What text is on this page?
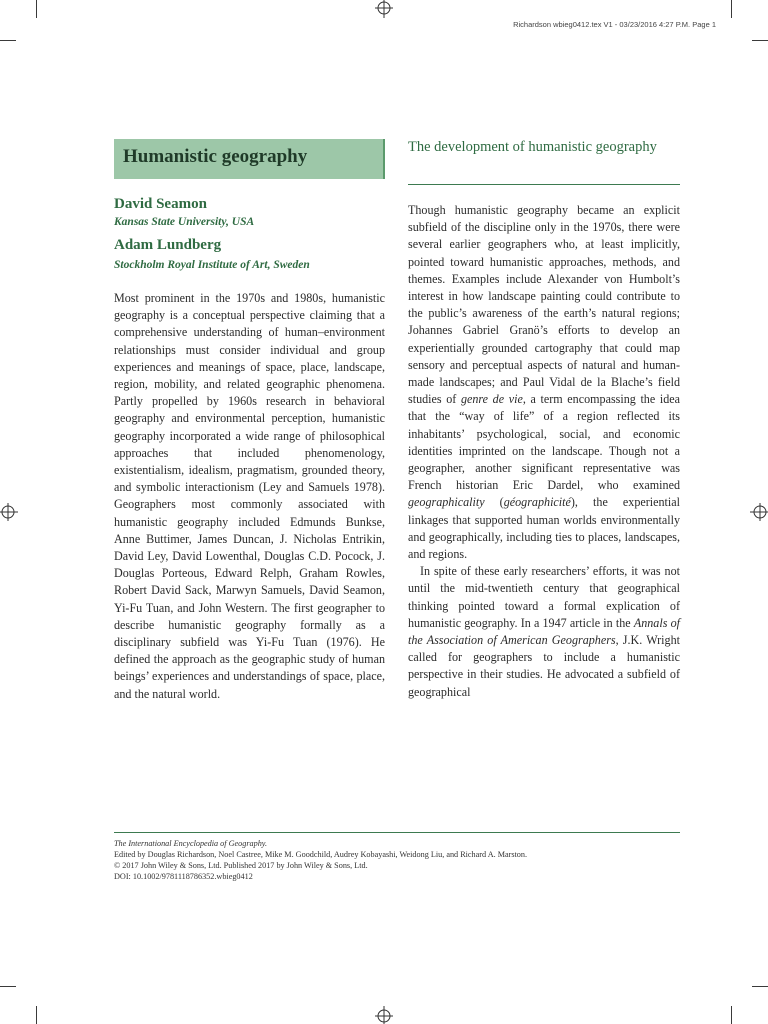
Richardson wbieg0412.tex V1 - 03/23/2016 4:27 P.M. Page 1
Humanistic geography

David Seamon

Kansas State University, USA

Adam Lundberg

Stockholm Royal Institute of Art, Sweden

Most prominent in the 1970s and 1980s, humanistic geography is a conceptual perspective claiming that a comprehensive understanding of human–environment relationships must consider individual and group experiences and meanings of space, place, landscape, region, mobility, and related geographic phenomena. Partly propelled by 1960s research in behavioral geography and environmental perception, humanistic geography incorporated a wide range of philosophical approaches that included phenomenology, existentialism, idealism, pragmatism, grounded theory, and symbolic interactionism (Ley and Samuels 1978). Geographers most commonly associated with humanistic geography included Edmunds Bunkse, Anne Buttimer, James Duncan, J. Nicholas Entrikin, David Ley, David Lowenthal, Douglas C.D. Pocock, J. Douglas Porteous, Edward Relph, Graham Rowles, Robert David Sack, Marwyn Samuels, David Seamon, Yi-Fu Tuan, and John Western. The first geographer to describe humanistic geography formally as a disciplinary subfield was Yi-Fu Tuan (1976). He defined the approach as the geographic study of human beings’ experiences and understandings of space, place, and the natural world.

The development of humanistic geography

Though humanistic geography became an explicit subfield of the discipline only in the 1970s, there were several earlier geographers who, at least implicitly, pointed toward humanistic approaches, methods, and themes. Examples include Alexander von Humbolt’s interest in how landscape painting could contribute to the public’s awareness of the earth’s natural regions; Johannes Gabriel Granö’s efforts to develop an experientially grounded cartography that could map sensory and perceptual aspects of natural and human-made landscapes; and Paul Vidal de la Blache’s field studies of genre de vie, a term encompassing the idea that the “way of life” of a region reflected its inhabitants’ psychological, social, and economic identities imprinted on the landscape. Though not a geographer, another significant representative was French historian Eric Dardel, who examined geographicality (géographicité), the experiential linkages that supported human worlds environmentally and geographically, including ties to places, landscapes, and regions.

In spite of these early researchers’ efforts, it was not until the mid-twentieth century that geographical thinking pointed toward a formal explication of humanistic geography. In a 1947 article in the Annals of the Association of American Geographers, J.K. Wright called for geographers to include a humanistic perspective in their studies. He advocated a subfield of geographical

The International Encyclopedia of Geography.
Edited by Douglas Richardson, Noel Castree, Mike M. Goodchild, Audrey Kobayashi, Weidong Liu, and Richard A. Marston.
© 2017 John Wiley & Sons, Ltd. Published 2017 by John Wiley & Sons, Ltd.
DOI: 10.1002/9781118786352.wbieg0412
